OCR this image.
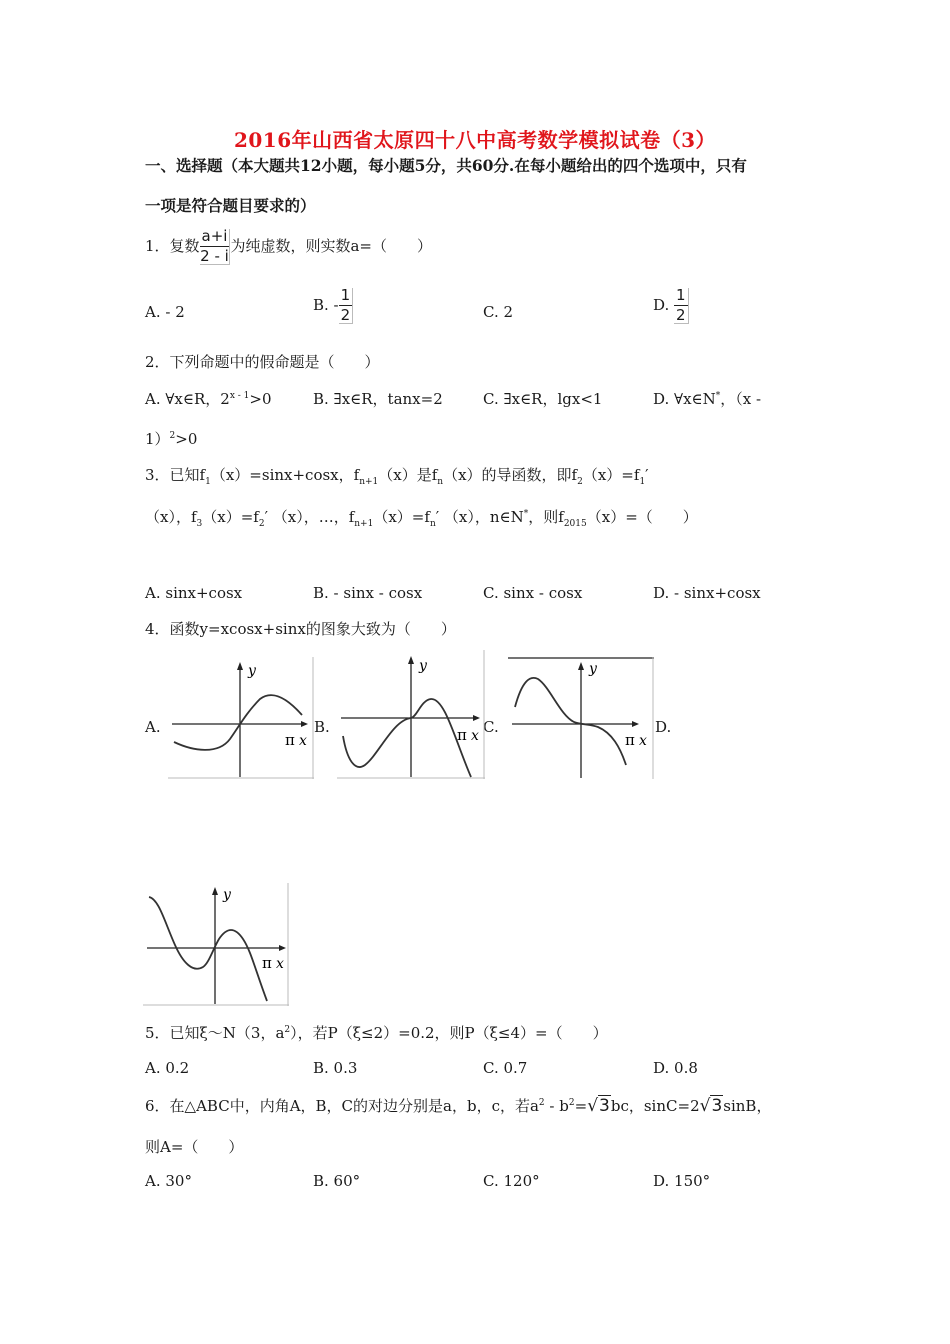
2016年山西省太原四十八中高考数学模拟试卷（3）
一、选择题（本大题共12小题，每小题5分，共60分.在每小题给出的四个选项中，只有
一项是符合题目要求的）
1．复数 $\frac{a+i}{2 - i}$ 为纯虚数，则实数a=（　　）
A. - 2	B. - $\frac{1}{2}$	C. 2	D. $\frac{1}{2}$
2．下列命题中的假命题是（　　）
A. ∀x∈R，$2^{x - 1}>0$	B. ∃x∈R，tanx=2	C. ∃x∈R，lgx<1	D. ∀x∈N*，（x -
1）$^2$>0
3．已知$f_1(x)=\sin x+\cos x$，$f_{n+1}(x)$是$f_n(x)$的导函数，即$f_2(x)=f_1'$
（x），$f_3(x)=f_2'$ （x），…，$f_{n+1}(x)=f_n'$ （x），n∈N*，则$f_{2015}(x)=$（　　）
A. sinx+cosx	B. - sinx - cosx	C. sinx - cosx	D. - sinx+cosx
4．函数y=xcosx+sinx的图象大致为（　　）
A.	B.	C.	D.
y
π x
y
π x
y
π x
y
π x
5．已知ξ～N（3，$a^2$），若P（ξ≤2）=0.2，则P（ξ≤4）=（　　）
A. 0.2	B. 0.3	C. 0.7	D. 0.8
6．在△ABC中，内角A，B，C的对边分别是a，b，c，若$a^2 - b^2=√3bc$，sinC=2√3sinB，
则A=（　　）
A. 30°	B. 60°	C. 120°	D. 150°
